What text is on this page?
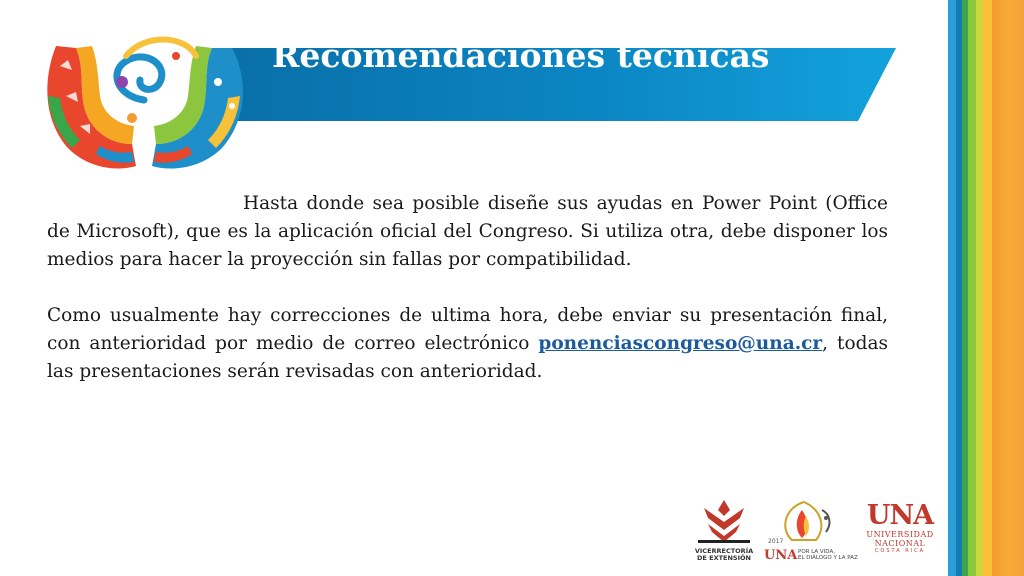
Recomendaciones técnicas

Hasta donde sea posible diseñe sus ayudas en Power Point (Office de Microsoft), que es la aplicación oficial del Congreso. Si utiliza otra, debe disponer los medios para hacer la proyección sin fallas por compatibilidad.

Como usualmente hay correcciones de ultima hora, debe enviar su presentación final, con anterioridad por medio de correo electrónico ponenciascongreso@una.cr, todas las presentaciones serán revisadas con anterioridad.

VICERRECTORÍA
DE EXTENSIÓN
2017
UNA POR LA VIDA,
EL DIÁLOGO Y LA PAZ
UNA
UNIVERSIDAD
NACIONAL
COSTA RICA
